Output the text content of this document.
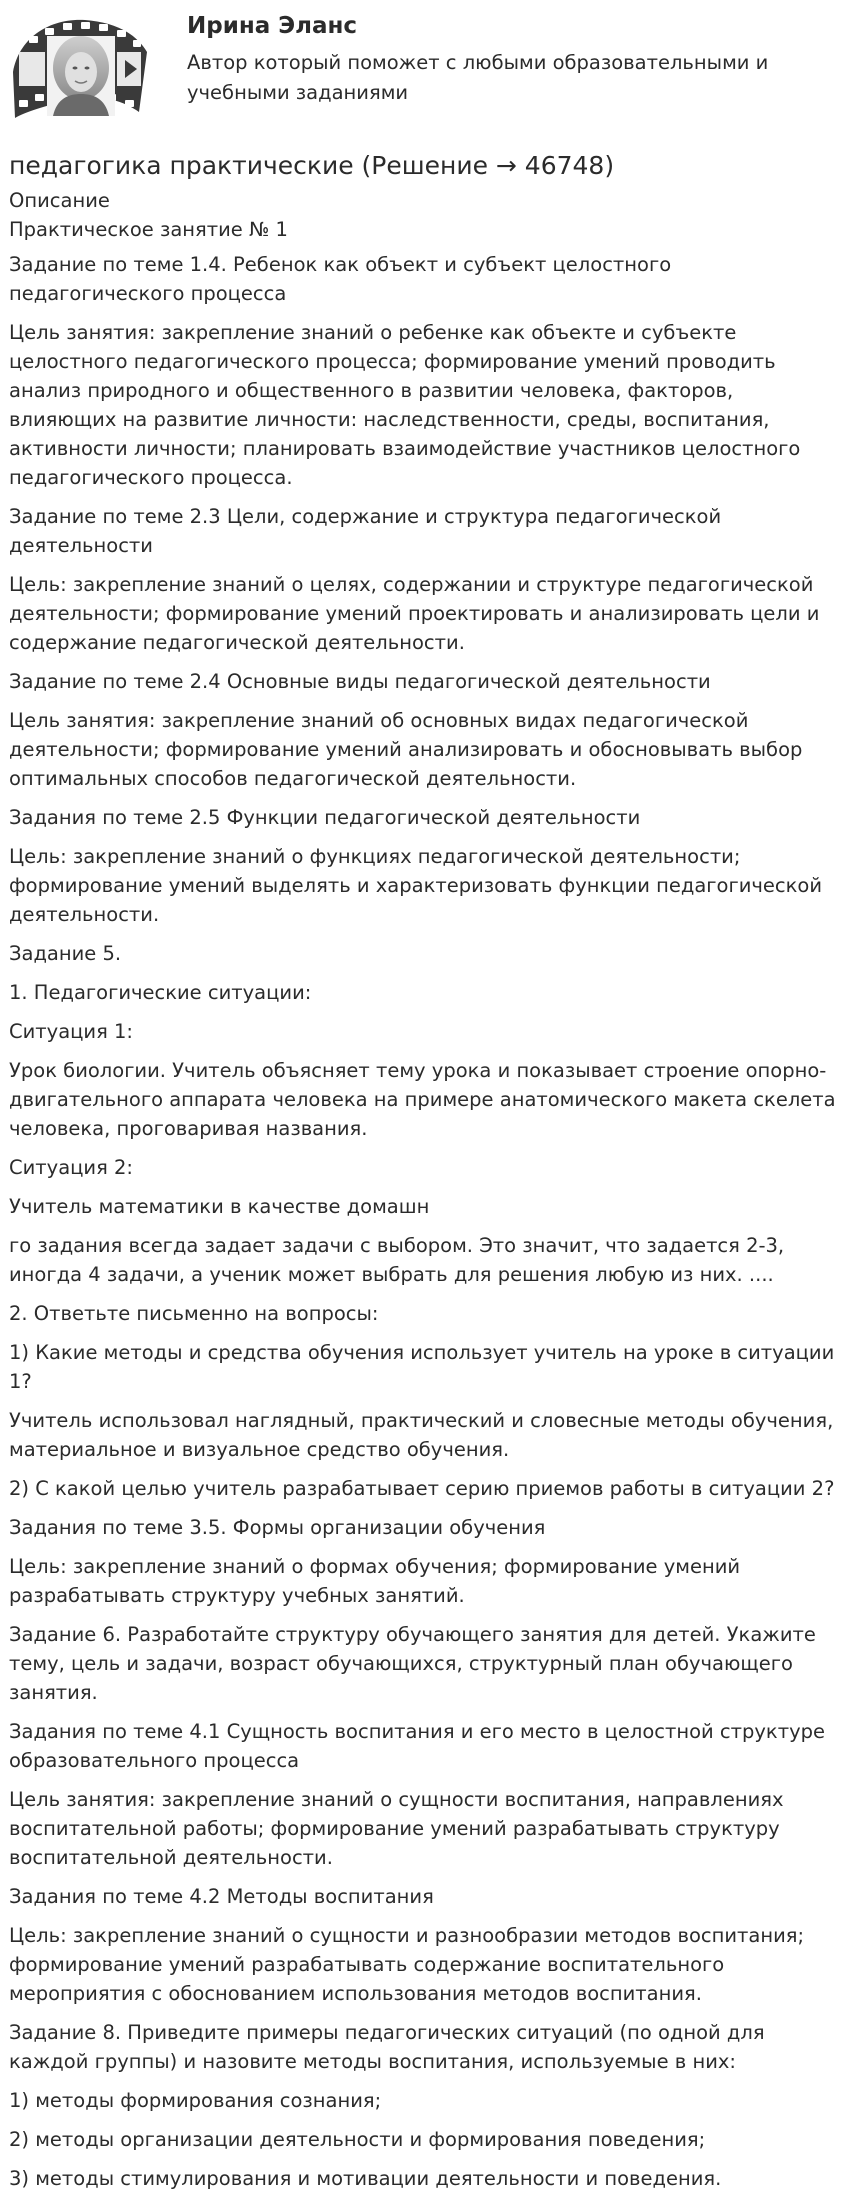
Ирина Эланс

Автор который поможет с любыми образовательными и учебными заданиями

педагогика практические (Решение → 46748)

Описание

Практическое занятие № 1

Задание по теме 1.4. Ребенок как объект и субъект целостного педагогического процесса

Цель занятия: закрепление знаний о ребенке как объекте и субъекте целостного педагогического процесса; формирование умений проводить анализ природного и общественного в развитии человека, факторов, влияющих на развитие личности: наследственности, среды, воспитания, активности личности; планировать взаимодействие участников целостного педагогического процесса.

Задание по теме 2.3 Цели, содержание и структура педагогической деятельности

Цель: закрепление знаний о целях, содержании и структуре педагогической деятельности; формирование умений проектировать и анализировать цели и содержание педагогической деятельности.

Задание по теме 2.4 Основные виды педагогической деятельности

Цель занятия: закрепление знаний об основных видах педагогической деятельности; формирование умений анализировать и обосновывать выбор оптимальных способов педагогической деятельности.

Задания по теме 2.5 Функции педагогической деятельности

Цель: закрепление знаний о функциях педагогической деятельности; формирование умений выделять и характеризовать функции педагогической деятельности.

Задание 5.

1. Педагогические ситуации:

Ситуация 1:

Урок биологии. Учитель объясняет тему урока и показывает строение опорно-двигательного аппарата человека на примере анатомического макета скелета человека, проговаривая названия.

Ситуация 2:

Учитель математики в качестве домашн

го задания всегда задает задачи с выбором. Это значит, что задается 2-3, иногда 4 задачи, а ученик может выбрать для решения любую из них. ....

2. Ответьте письменно на вопросы:

1) Какие методы и средства обучения использует учитель на уроке в ситуации 1?

Учитель использовал наглядный, практический и словесные методы обучения, материальное и визуальное средство обучения.

2) С какой целью учитель разрабатывает серию приемов работы в ситуации 2?

Задания по теме 3.5. Формы организации обучения

Цель: закрепление знаний о формах обучения; формирование умений разрабатывать структуру учебных занятий.

Задание 6. Разработайте структуру обучающего занятия для детей. Укажите тему, цель и задачи, возраст обучающихся, структурный план обучающего занятия.

Задания по теме 4.1 Сущность воспитания и его место в целостной структуре образовательного процесса

Цель занятия: закрепление знаний о сущности воспитания, направлениях воспитательной работы; формирование умений разрабатывать структуру воспитательной деятельности.

Задания по теме 4.2 Методы воспитания

Цель: закрепление знаний о сущности и разнообразии методов воспитания; формирование умений разрабатывать содержание воспитательного мероприятия с обоснованием использования методов воспитания.

Задание 8. Приведите примеры педагогических ситуаций (по одной для каждой группы) и назовите методы воспитания, используемые в них:

1) методы формирования сознания;

2) методы организации деятельности и формирования поведения;

3) методы стимулирования и мотивации деятельности и поведения.
